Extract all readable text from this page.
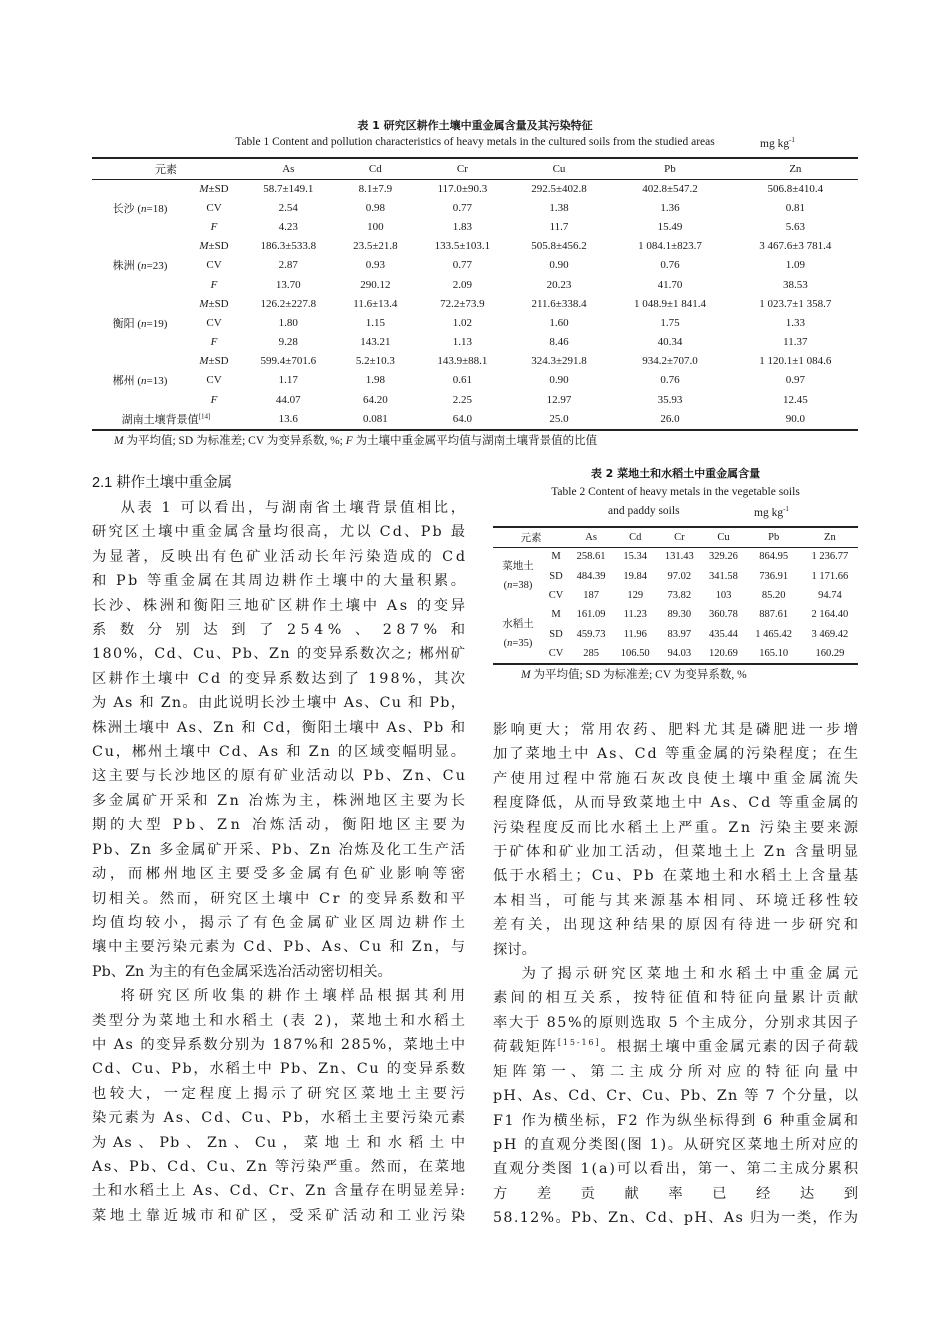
表 1 研究区耕作土壤中重金属含量及其污染特征
Table 1 Content and pollution characteristics of heavy metals in the cultured soils from the studied areas	mg $kg^{-1}$
元素		As	Cd	Cr	Cu	Pb	Zn
长沙 (n=18)	M±SD	58.7±149.1	8.1±7.9	117.0±90.3	292.5±402.8	402.8±547.2	506.8±410.4
	CV	2.54	0.98	0.77	1.38	1.36	0.81
	F	4.23	100	1.83	11.7	15.49	5.63
株洲 (n=23)	M±SD	186.3±533.8	23.5±21.8	133.5±103.1	505.8±456.2	1 084.1±823.7	3 467.6±3 781.4
	CV	2.87	0.93	0.77	0.90	0.76	1.09
	F	13.70	290.12	2.09	20.23	41.70	38.53
衡阳 (n=19)	M±SD	126.2±227.8	11.6±13.4	72.2±73.9	211.6±338.4	1 048.9±1 841.4	1 023.7±1 358.7
	CV	1.80	1.15	1.02	1.60	1.75	1.33
	F	9.28	143.21	1.13	8.46	40.34	11.37
郴州 (n=13)	M±SD	599.4±701.6	5.2±10.3	143.9±88.1	324.3±291.8	934.2±707.0	1 120.1±1 084.6
	CV	1.17	1.98	0.61	0.90	0.76	0.97
	F	44.07	64.20	2.25	12.97	35.93	12.45
湖南土壤背景值[14]		13.6	0.081	64.0	25.0	26.0	90.0
M 为平均值; SD 为标准差; CV 为变异系数, %; F 为土壤中重金属平均值与湖南土壤背景值的比值
2.1 耕作土壤中重金属
从表 1 可以看出，与湖南省土壤背景值相比，
研究区土壤中重金属含量均很高，尤以 Cd、Pb 最
为显著，反映出有色矿业活动长年污染造成的 Cd
和 Pb 等重金属在其周边耕作土壤中的大量积累。
长沙、株洲和衡阳三地矿区耕作土壤中 As 的变异
系 数 分 别 达 到 了 254% 、 287% 和
180%，Cd、Cu、Pb、Zn 的变异系数次之; 郴州矿
区耕作土壤中 Cd 的变异系数达到了 198%，其次
为 As 和 Zn。由此说明长沙土壤中 As、Cu 和 Pb，
株洲土壤中 As、Zn 和 Cd，衡阳土壤中 As、Pb 和
Cu，郴州土壤中 Cd、As 和 Zn 的区域变幅明显。
这主要与长沙地区的原有矿业活动以 Pb、Zn、Cu
多金属矿开采和 Zn 冶炼为主，株洲地区主要为长
期的大型 Pb、Zn 冶炼活动，衡阳地区主要为
Pb、Zn 多金属矿开采、Pb、Zn 冶炼及化工生产活
动，而郴州地区主要受多金属有色矿业影响等密
切相关。然而，研究区土壤中 Cr 的变异系数和平
均值均较小，揭示了有色金属矿业区周边耕作土
壤中主要污染元素为 Cd、Pb、As、Cu 和 Zn，与
Pb、Zn 为主的有色金属采选冶活动密切相关。
将研究区所收集的耕作土壤样品根据其利用
类型分为菜地土和水稻土 (表 2)，菜地土和水稻土
中 As 的变异系数分别为 187%和 285%，菜地土中
Cd、Cu、Pb，水稻土中 Pb、Zn、Cu 的变异系数
也较大，一定程度上揭示了研究区菜地土主要污
染元素为 As、Cd、Cu、Pb，水稻土主要污染元素
为 As 、 Pb 、 Zn 、 Cu ， 菜 地 土 和 水 稻 土 中
As、Pb、Cd、Cu、Zn 等污染严重。然而，在菜地
土和水稻土上 As、Cd、Cr、Zn 含量存在明显差异:
菜地土靠近城市和矿区，受采矿活动和工业污染
表 2 菜地土和水稻土中重金属含量
Table 2 Content of heavy metals in the vegetable soils
and paddy soils	mg $kg^{-1}$
元素		As	Cd	Cr	Cu	Pb	Zn

菜地土
(n=38)	M	258.61	15.34	131.43	329.26	864.95	1 236.77
	SD	484.39	19.84	97.02	341.58	736.91	1 171.66
	CV	187	129	73.82	103	85.20	94.74

水稻土
(n=35)	M	161.09	11.23	89.30	360.78	887.61	2 164.40
	SD	459.73	11.96	83.97	435.44	1 465.42	3 469.42
	CV	285	106.50	94.03	120.69	165.10	160.29
M 为平均值; SD 为标准差; CV 为变异系数, %
影响更大；常用农药、肥料尤其是磷肥进一步增
加了菜地土中 As、Cd 等重金属的污染程度；在生
产使用过程中常施石灰改良使土壤中重金属流失
程度降低，从而导致菜地土中 As、Cd 等重金属的
污染程度反而比水稻土上严重。Zn 污染主要来源
于矿体和矿业加工活动，但菜地土上 Zn 含量明显
低于水稻土；Cu、Pb 在菜地土和水稻土上含量基
本相当，可能与其来源基本相同、环境迁移性较
差有关，出现这种结果的原因有待进一步研究和
探讨。
为了揭示研究区菜地土和水稻土中重金属元
素间的相互关系，按特征值和特征向量累计贡献
率大于 85%的原则选取 5 个主成分，分别求其因子
荷载矩阵[15-16]。根据土壤中重金属元素的因子荷载
矩阵第一、第二主成分所对应的特征向量中
pH、As、Cd、Cr、Cu、Pb、Zn 等 7 个分量，以
F1 作为横坐标，F2 作为纵坐标得到 6 种重金属和
pH 的直观分类图(图 1)。从研究区菜地土所对应的
直观分类图 1(a)可以看出，第一、第二主成分累积
方 差 贡 献 率 已 经 达 到
58.12%。Pb、Zn、Cd、pH、As 归为一类，作为
